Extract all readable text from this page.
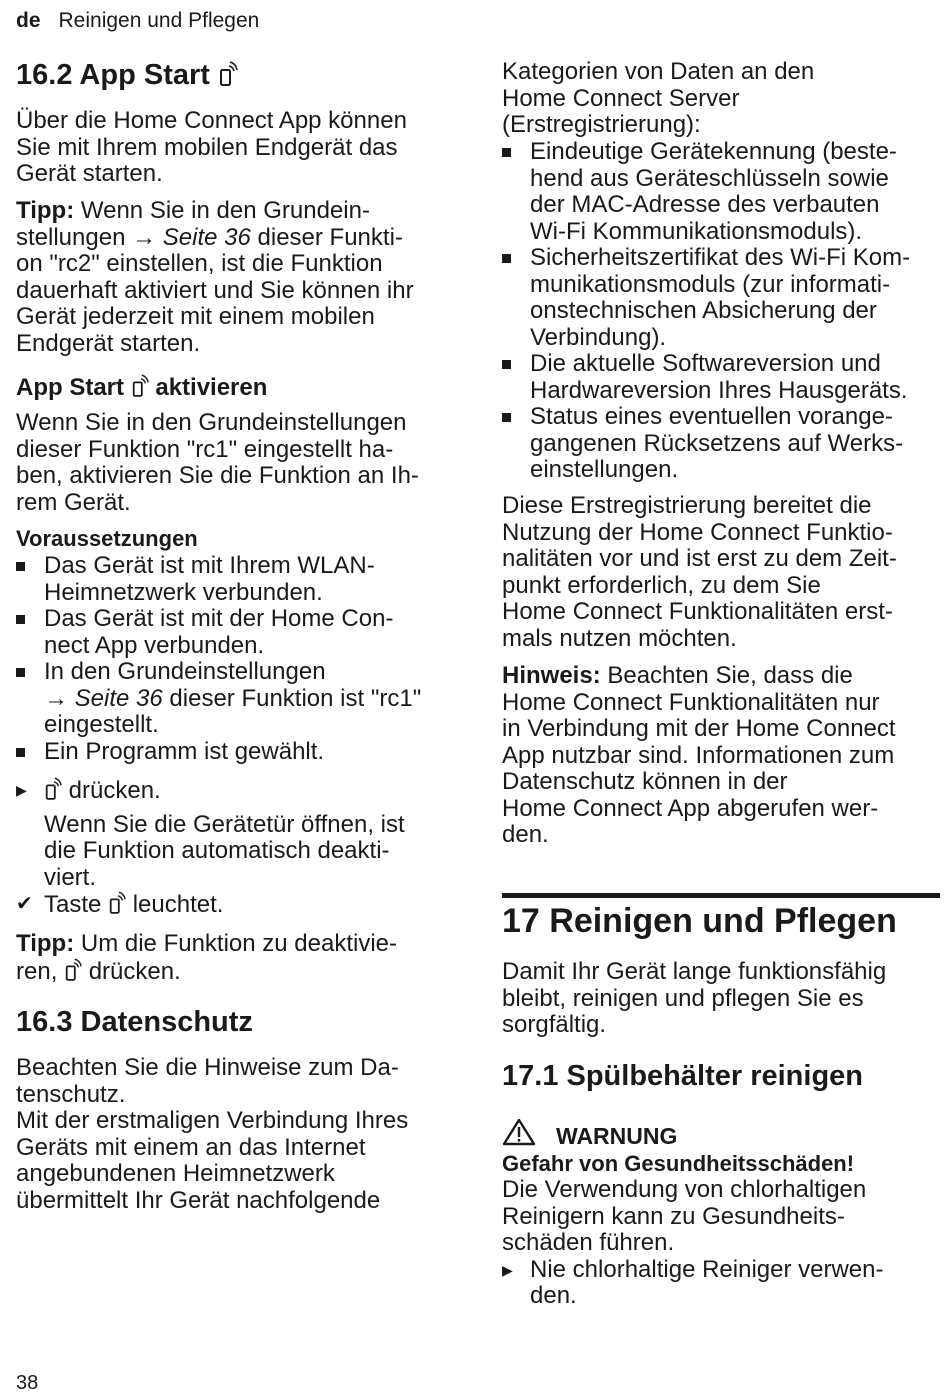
de Reinigen und Pflegen
16.2 App Start
Über die Home Connect App können
Sie mit Ihrem mobilen Endgerät das
Gerät starten.
Tipp: Wenn Sie in den Grundein-
stellungen → Seite 36 dieser Funkti-
on "rc2" einstellen, ist die Funktion
dauerhaft aktiviert und Sie können ihr
Gerät jederzeit mit einem mobilen
Endgerät starten.
App Start  aktivieren
Wenn Sie in den Grundeinstellungen
dieser Funktion "rc1" eingestellt ha-
ben, aktivieren Sie die Funktion an Ih-
rem Gerät.
Voraussetzungen
Das Gerät ist mit Ihrem WLAN-
Heimnetzwerk verbunden.
Das Gerät ist mit der Home Con-
nect App verbunden.
In den Grundeinstellungen
→ Seite 36 dieser Funktion ist "rc1"
eingestellt.
Ein Programm ist gewählt.
▶	drücken.
Wenn Sie die Gerätetür öffnen, ist
die Funktion automatisch deakti-
viert.
✔ Taste  leuchtet.
Tipp: Um die Funktion zu deaktivie-
ren,  drücken.
16.3 Datenschutz
Beachten Sie die Hinweise zum Da-
tenschutz.
Mit der erstmaligen Verbindung Ihres
Geräts mit einem an das Internet
angebundenen Heimnetzwerk
übermittelt Ihr Gerät nachfolgende
Kategorien von Daten an den
Home Connect Server
(Erstregistrierung):
Eindeutige Gerätekennung (beste-
hend aus Geräteschlüsseln sowie
der MAC-Adresse des verbauten
Wi-Fi Kommunikationsmoduls).
Sicherheitszertifikat des Wi-Fi Kom-
munikationsmoduls (zur informati-
onstechnischen Absicherung der
Verbindung).
Die aktuelle Softwareversion und
Hardwareversion Ihres Hausgeräts.
Status eines eventuellen vorange-
gangenen Rücksetzens auf Werks-
einstellungen.
Diese Erstregistrierung bereitet die
Nutzung der Home Connect Funktio-
nalitäten vor und ist erst zu dem Zeit-
punkt erforderlich, zu dem Sie
Home Connect Funktionalitäten erst-
mals nutzen möchten.
Hinweis: Beachten Sie, dass die
Home Connect Funktionalitäten nur
in Verbindung mit der Home Connect
App nutzbar sind. Informationen zum
Datenschutz können in der
Home Connect App abgerufen wer-
den.
17 Reinigen und Pflegen
Damit Ihr Gerät lange funktionsfähig
bleibt, reinigen und pflegen Sie es
sorgfältig.
17.1 Spülbehälter reinigen
WARNUNG
Gefahr von Gesundheitsschäden!
Die Verwendung von chlorhaltigen
Reinigern kann zu Gesundheits-
schäden führen.
▶ Nie chlorhaltige Reiniger verwen-
den.
38
